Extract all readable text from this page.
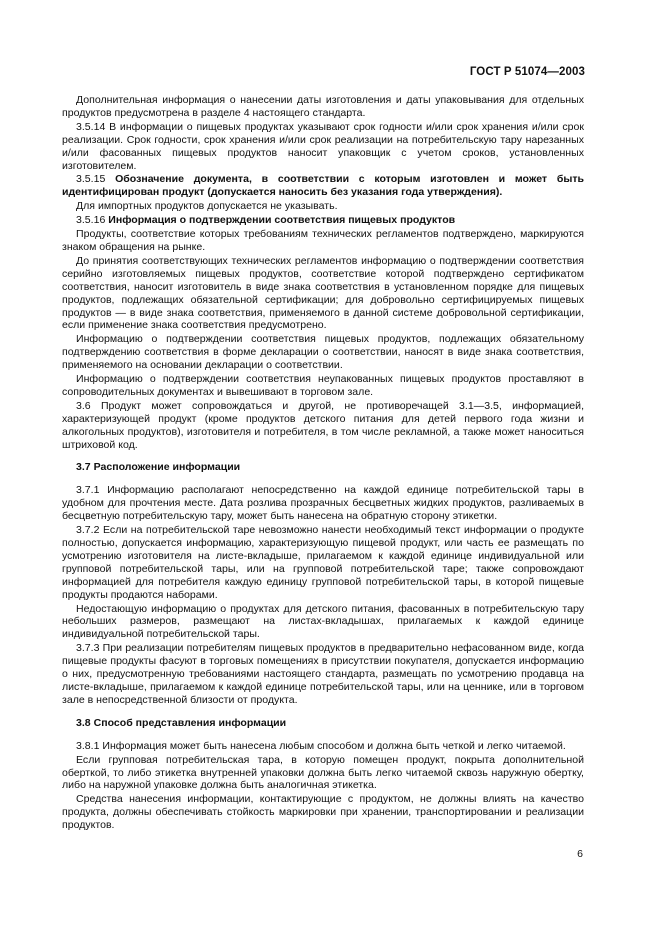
ГОСТ Р 51074—2003

Дополнительная информация о нанесении даты изготовления и даты упаковывания для отдельных продуктов предусмотрена в разделе 4 настоящего стандарта.

3.5.14 В информации о пищевых продуктах указывают срок годности и/или срок хранения и/или срок реализации. Срок годности, срок хранения и/или срок реализации на потребительскую тару нарезанных и/или фасованных пищевых продуктов наносит упаковщик с учетом сроков, установленных изготовителем.

3.5.15 Обозначение документа, в соответствии с которым изготовлен и может быть идентифицирован продукт (допускается наносить без указания года утверждения).

Для импортных продуктов допускается не указывать.

3.5.16 Информация о подтверждении соответствия пищевых продуктов

Продукты, соответствие которых требованиям технических регламентов подтверждено, маркируются знаком обращения на рынке.

До принятия соответствующих технических регламентов информацию о подтверждении соответствия серийно изготовляемых пищевых продуктов, соответствие которой подтверждено сертификатом соответствия, наносит изготовитель в виде знака соответствия в установленном порядке для пищевых продуктов, подлежащих обязательной сертификации; для добровольно сертифицируемых пищевых продуктов — в виде знака соответствия, применяемого в данной системе добровольной сертификации, если применение знака соответствия предусмотрено.

Информацию о подтверждении соответствия пищевых продуктов, подлежащих обязательному подтверждению соответствия в форме декларации о соответствии, наносят в виде знака соответствия, применяемого на основании декларации о соответствии.

Информацию о подтверждении соответствия неупакованных пищевых продуктов проставляют в сопроводительных документах и вывешивают в торговом зале.

3.6 Продукт может сопровождаться и другой, не противоречащей 3.1—3.5, информацией, характеризующей продукт (кроме продуктов детского питания для детей первого года жизни и алкогольных продуктов), изготовителя и потребителя, в том числе рекламной, а также может наноситься штриховой код.

3.7 Расположение информации

3.7.1 Информацию располагают непосредственно на каждой единице потребительской тары в удобном для прочтения месте. Дата розлива прозрачных бесцветных жидких продуктов, разливаемых в бесцветную потребительскую тару, может быть нанесена на обратную сторону этикетки.

3.7.2 Если на потребительской таре невозможно нанести необходимый текст информации о продукте полностью, допускается информацию, характеризующую пищевой продукт, или часть ее размещать по усмотрению изготовителя на листе-вкладыше, прилагаемом к каждой единице индивидуальной или групповой потребительской тары, или на групповой потребительской таре; также сопровождают информацией для потребителя каждую единицу групповой потребительской тары, в которой пищевые продукты продаются наборами.

Недостающую информацию о продуктах для детского питания, фасованных в потребительскую тару небольших размеров, размещают на листах-вкладышах, прилагаемых к каждой единице индивидуальной потребительской тары.

3.7.3 При реализации потребителям пищевых продуктов в предварительно нефасованном виде, когда пищевые продукты фасуют в торговых помещениях в присутствии покупателя, допускается информацию о них, предусмотренную требованиями настоящего стандарта, размещать по усмотрению продавца на листе-вкладыше, прилагаемом к каждой единице потребительской тары, или на ценнике, или в торговом зале в непосредственной близости от продукта.

3.8 Способ представления информации

3.8.1 Информация может быть нанесена любым способом и должна быть четкой и легко читаемой.

Если групповая потребительская тара, в которую помещен продукт, покрыта дополнительной оберткой, то либо этикетка внутренней упаковки должна быть легко читаемой сквозь наружную обертку, либо на наружной упаковке должна быть аналогичная этикетка.

Средства нанесения информации, контактирующие с продуктом, не должны влиять на качество продукта, должны обеспечивать стойкость маркировки при хранении, транспортировании и реализации продуктов.

6
